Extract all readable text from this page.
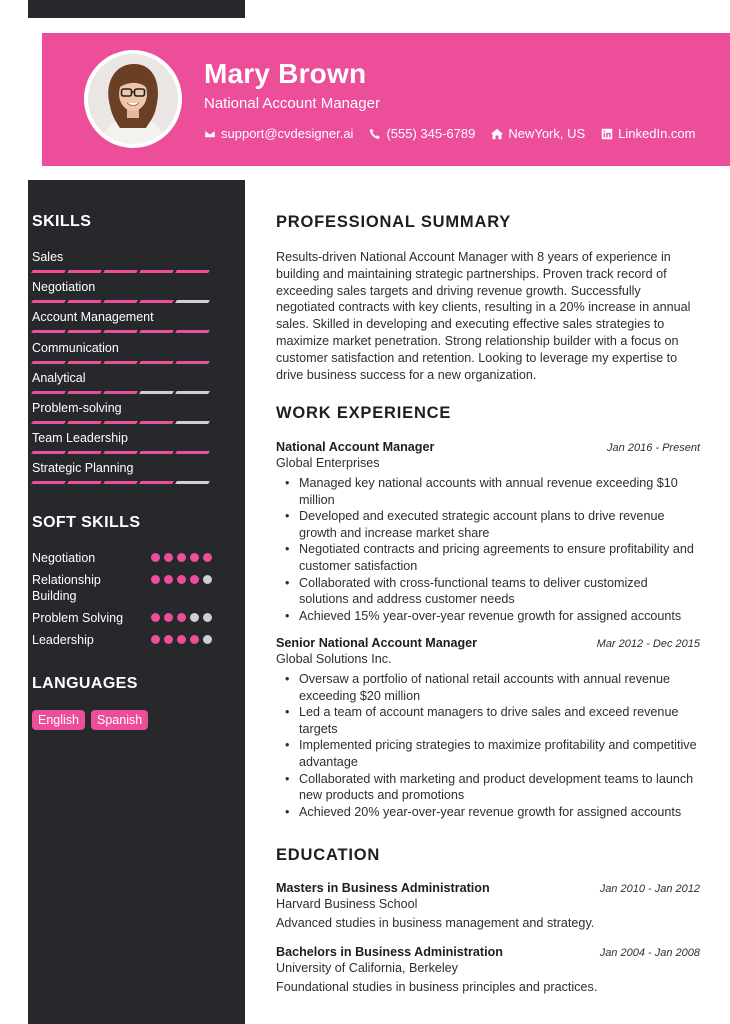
Mary Brown
National Account Manager
support@cvdesigner.ai	(555) 345-6789	NewYork, US	LinkedIn.com
SKILLS
Sales
Negotiation
Account Management
Communication
Analytical
Problem-solving
Team Leadership
Strategic Planning
SOFT SKILLS
Negotiation
Relationship Building
Problem Solving
Leadership
LANGUAGES
English	Spanish
PROFESSIONAL SUMMARY
Results-driven National Account Manager with 8 years of experience in building and maintaining strategic partnerships. Proven track record of exceeding sales targets and driving revenue growth. Successfully negotiated contracts with key clients, resulting in a 20% increase in annual sales. Skilled in developing and executing effective sales strategies to maximize market penetration. Strong relationship builder with a focus on customer satisfaction and retention. Looking to leverage my expertise to drive business success for a new organization.
WORK EXPERIENCE
National Account Manager	Jan 2016 - Present
Global Enterprises
• Managed key national accounts with annual revenue exceeding $10 million
• Developed and executed strategic account plans to drive revenue growth and increase market share
• Negotiated contracts and pricing agreements to ensure profitability and customer satisfaction
• Collaborated with cross-functional teams to deliver customized solutions and address customer needs
• Achieved 15% year-over-year revenue growth for assigned accounts
Senior National Account Manager	Mar 2012 - Dec 2015
Global Solutions Inc.
• Oversaw a portfolio of national retail accounts with annual revenue exceeding $20 million
• Led a team of account managers to drive sales and exceed revenue targets
• Implemented pricing strategies to maximize profitability and competitive advantage
• Collaborated with marketing and product development teams to launch new products and promotions
• Achieved 20% year-over-year revenue growth for assigned accounts
EDUCATION
Masters in Business Administration	Jan 2010 - Jan 2012
Harvard Business School
Advanced studies in business management and strategy.
Bachelors in Business Administration	Jan 2004 - Jan 2008
University of California, Berkeley
Foundational studies in business principles and practices.
